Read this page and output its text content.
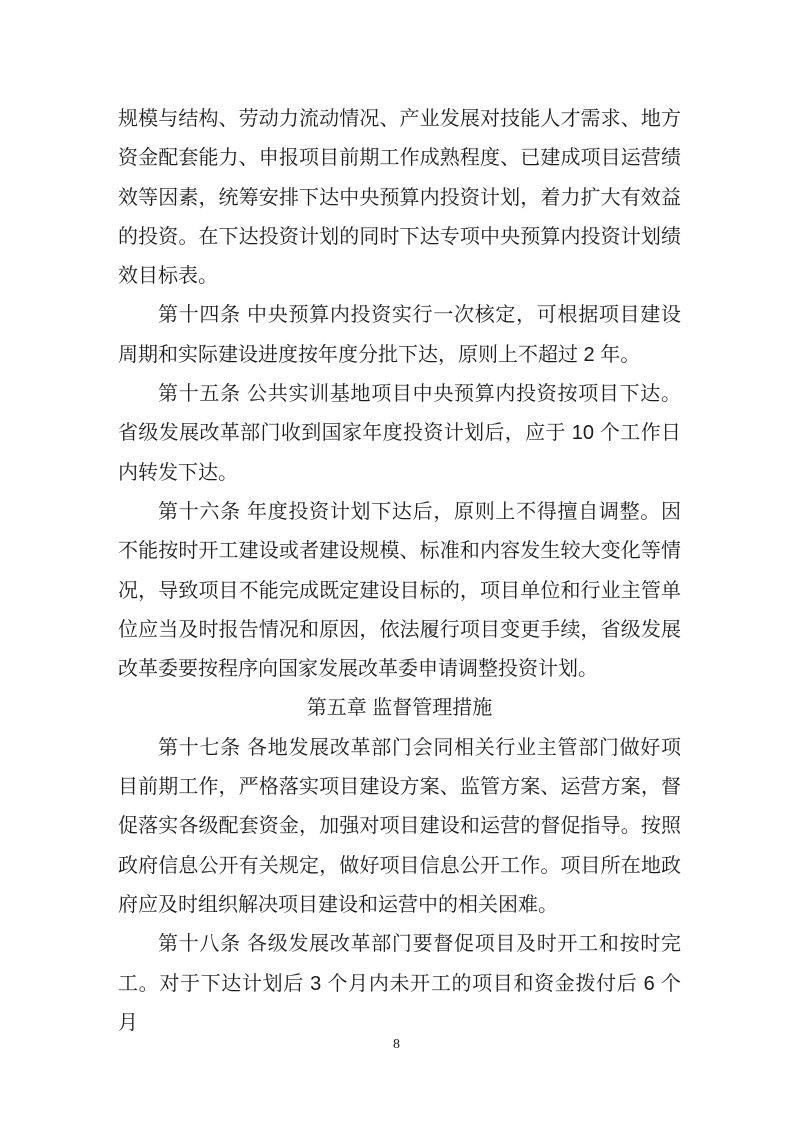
规模与结构、劳动力流动情况、产业发展对技能人才需求、地方资金配套能力、申报项目前期工作成熟程度、已建成项目运营绩效等因素，统筹安排下达中央预算内投资计划，着力扩大有效益的投资。在下达投资计划的同时下达专项中央预算内投资计划绩效目标表。

第十四条 中央预算内投资实行一次核定，可根据项目建设周期和实际建设进度按年度分批下达，原则上不超过 2 年。

第十五条 公共实训基地项目中央预算内投资按项目下达。省级发展改革部门收到国家年度投资计划后，应于 10 个工作日内转发下达。

第十六条 年度投资计划下达后，原则上不得擅自调整。因不能按时开工建设或者建设规模、标准和内容发生较大变化等情况，导致项目不能完成既定建设目标的，项目单位和行业主管单位应当及时报告情况和原因，依法履行项目变更手续，省级发展改革委要按程序向国家发展改革委申请调整投资计划。

第五章 监督管理措施

第十七条 各地发展改革部门会同相关行业主管部门做好项目前期工作，严格落实项目建设方案、监管方案、运营方案，督促落实各级配套资金，加强对项目建设和运营的督促指导。按照政府信息公开有关规定，做好项目信息公开工作。项目所在地政府应及时组织解决项目建设和运营中的相关困难。

第十八条 各级发展改革部门要督促项目及时开工和按时完工。对于下达计划后 3 个月内未开工的项目和资金拨付后 6 个月

8
